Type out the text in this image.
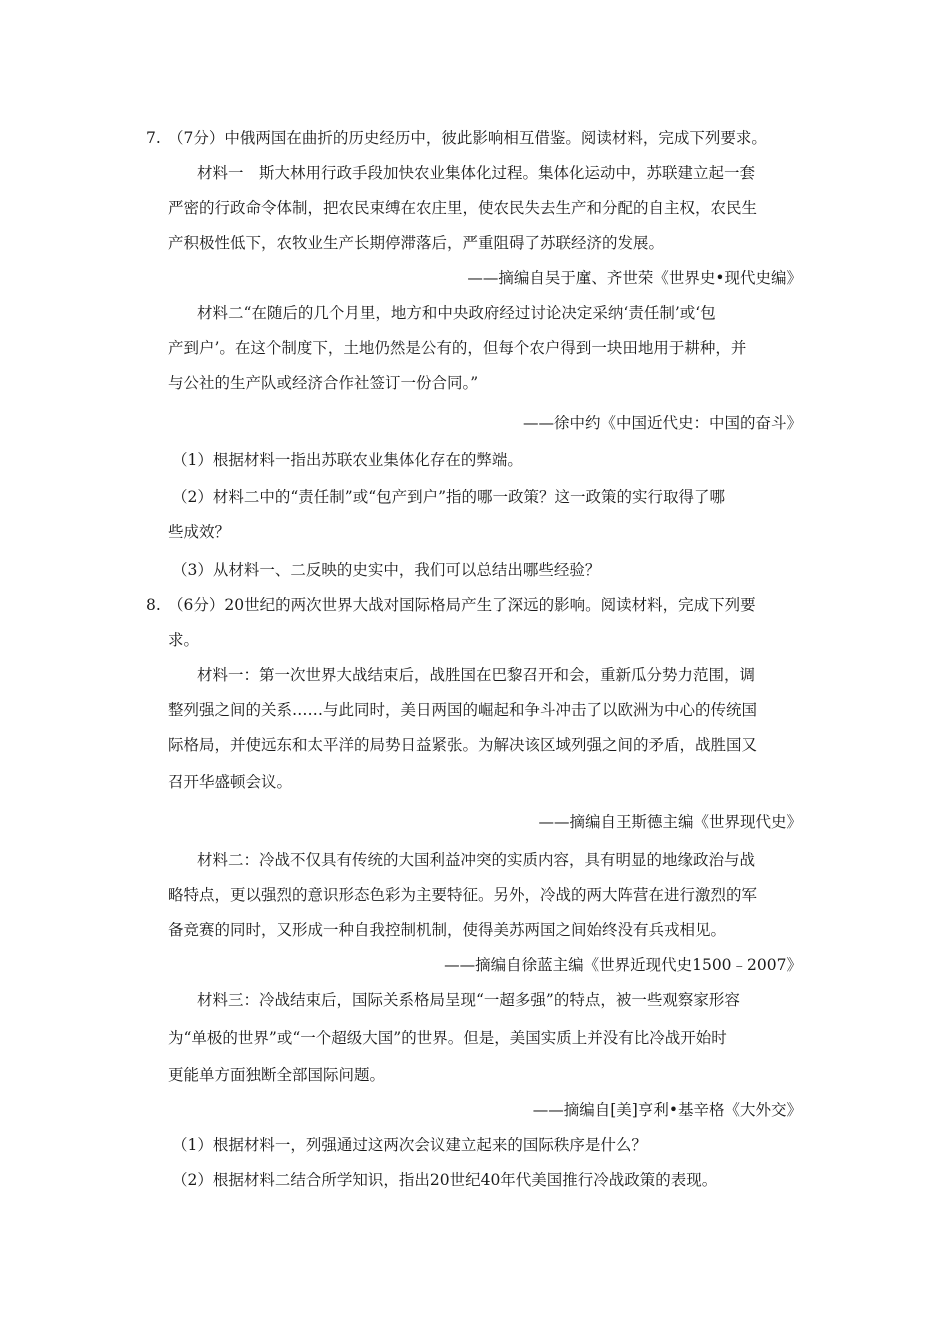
7. （7分）中俄两国在曲折的历史经历中，彼此影响相互借鉴。阅读材料，完成下列要求。
材料一　斯大林用行政手段加快农业集体化过程。集体化运动中，苏联建立起一套
严密的行政命令体制，把农民束缚在农庄里，使农民失去生产和分配的自主权，农民生
产积极性低下，农牧业生产长期停滞落后，严重阻碍了苏联经济的发展。
——摘编自吴于廑、齐世荣《世界史•现代史编》
材料二“在随后的几个月里，地方和中央政府经过讨论决定采纳‘责任制’或‘包
产到户’。在这个制度下，土地仍然是公有的，但每个农户得到一块田地用于耕种，并
与公社的生产队或经济合作社签订一份合同。”
——徐中约《中国近代史：中国的奋斗》
（1）根据材料一指出苏联农业集体化存在的弊端。
（2）材料二中的“责任制”或“包产到户”指的哪一政策？这一政策的实行取得了哪
些成效？
（3）从材料一、二反映的史实中，我们可以总结出哪些经验？
8. （6分）20世纪的两次世界大战对国际格局产生了深远的影响。阅读材料，完成下列要
求。
材料一：第一次世界大战结束后，战胜国在巴黎召开和会，重新瓜分势力范围，调
整列强之间的关系……与此同时，美日两国的崛起和争斗冲击了以欧洲为中心的传统国
际格局，并使远东和太平洋的局势日益紧张。为解决该区域列强之间的矛盾，战胜国又
召开华盛顿会议。
——摘编自王斯德主编《世界现代史》
材料二：冷战不仅具有传统的大国利益冲突的实质内容，具有明显的地缘政治与战
略特点，更以强烈的意识形态色彩为主要特征。另外，冷战的两大阵营在进行激烈的军
备竞赛的同时，又形成一种自我控制机制，使得美苏两国之间始终没有兵戎相见。
——摘编自徐蓝主编《世界近现代史1500﹣2007》
材料三：冷战结束后，国际关系格局呈现“一超多强”的特点，被一些观察家形容
为“单极的世界”或“一个超级大国”的世界。但是，美国实质上并没有比冷战开始时
更能单方面独断全部国际问题。
——摘编自[美]亨利•基辛格《大外交》
（1）根据材料一，列强通过这两次会议建立起来的国际秩序是什么？
（2）根据材料二结合所学知识，指出20世纪40年代美国推行冷战政策的表现。
